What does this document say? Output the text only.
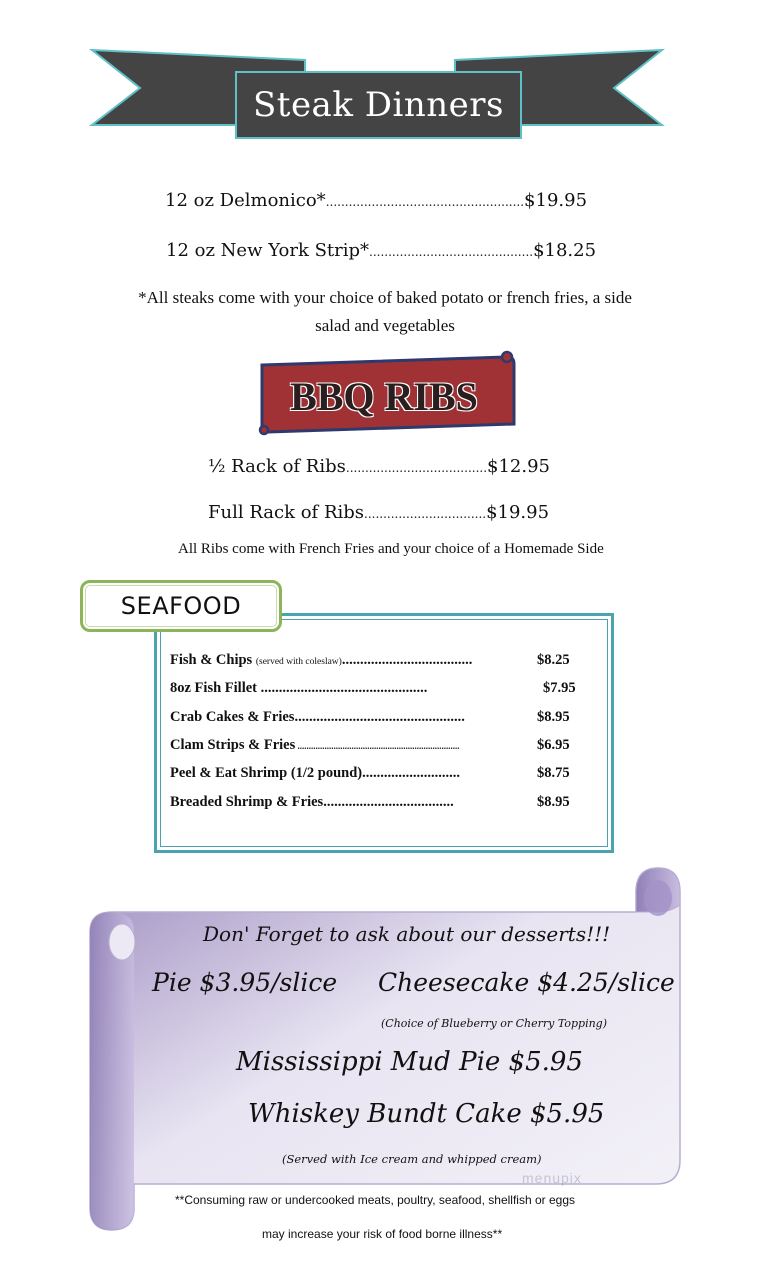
Steak Dinners
12 oz Delmonico*....................................................$19.95
12 oz New York Strip*...........................................$18.25
*All steaks come with your choice of baked potato or french fries, a side
salad and vegetables
BBQ RIBS
½ Rack of Ribs.....................................$12.95
Full Rack of Ribs................................$19.95
All Ribs come with French Fries and your choice of a Homemade Side
SEAFOOD
Fish & Chips (served with coleslaw)....................................	$8.25
8oz Fish Fillet ..............................................	$7.95
Crab Cakes & Fries...............................................	$8.95
Clam Strips & Fries ........................................................................	$6.95
Peel & Eat Shrimp (1/2 pound)...........................	$8.75
Breaded Shrimp & Fries....................................	$8.95
Don' Forget to ask about our desserts!!!
Pie $3.95/slice Cheesecake $4.25/slice
(Choice of Blueberry or Cherry Topping)
Mississippi Mud Pie $5.95
Whiskey Bundt Cake $5.95
(Served with Ice cream and whipped cream)
**Consuming raw or undercooked meats, poultry, seafood, shellfish or eggs
may increase your risk of food borne illness**
menupix
